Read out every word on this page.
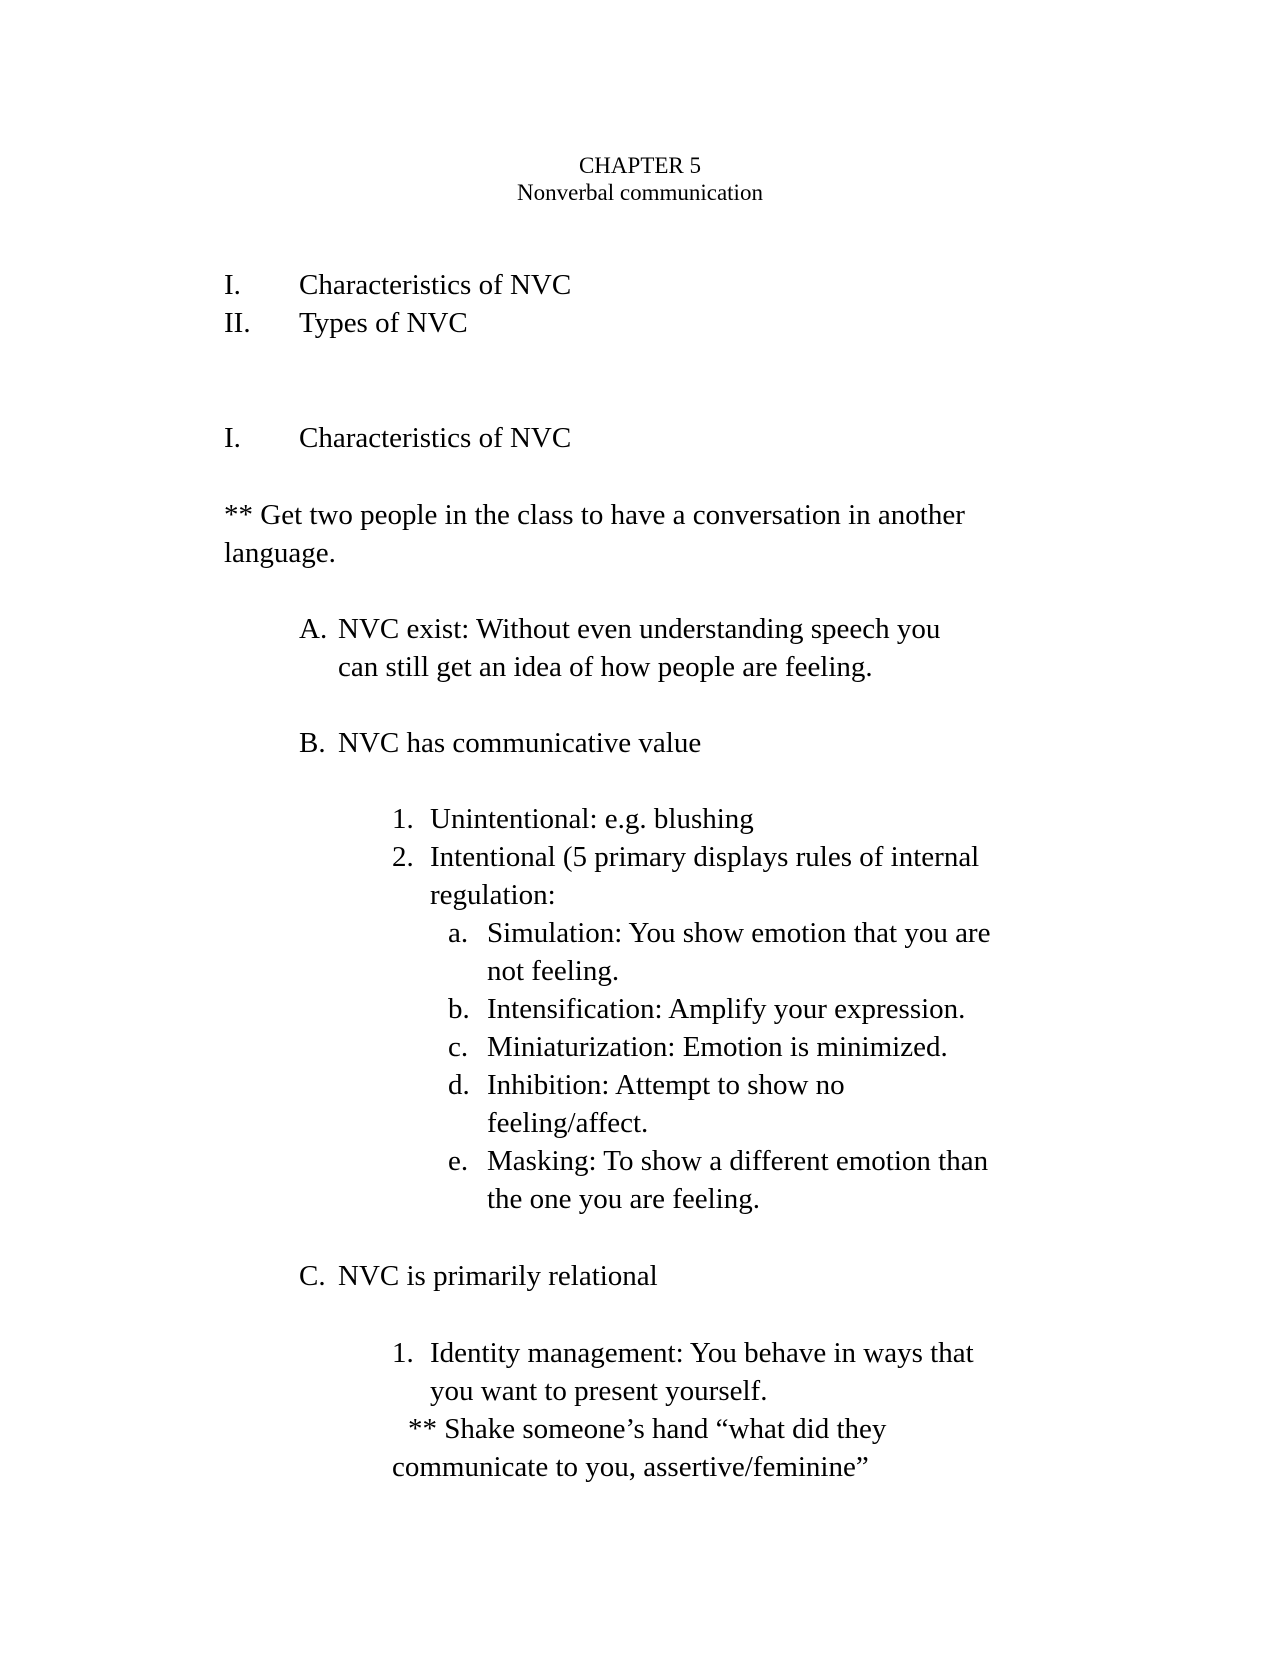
CHAPTER 5
Nonverbal communication
I. Characteristics of NVC
II. Types of NVC
I. Characteristics of NVC
** Get two people in the class to have a conversation in another
language.
A. NVC exist: Without even understanding speech you
can still get an idea of how people are feeling.
B. NVC has communicative value
1. Unintentional: e.g. blushing
2. Intentional (5 primary displays rules of internal
regulation:
a. Simulation: You show emotion that you are
not feeling.
b. Intensification: Amplify your expression.
c. Miniaturization: Emotion is minimized.
d. Inhibition: Attempt to show no
feeling/affect.
e. Masking: To show a different emotion than
the one you are feeling.
C. NVC is primarily relational
1. Identity management: You behave in ways that
you want to present yourself.
** Shake someone’s hand “what did they
communicate to you, assertive/feminine”
